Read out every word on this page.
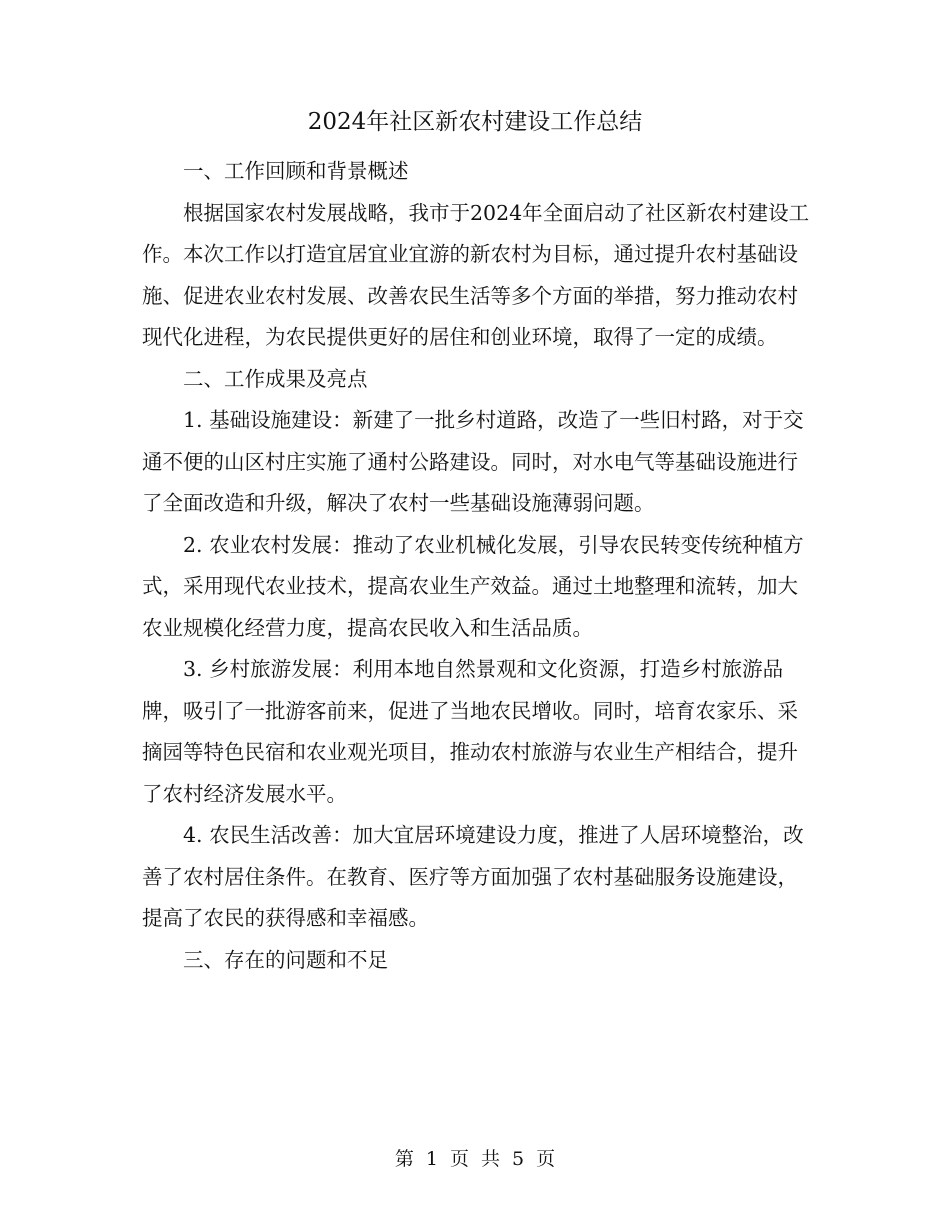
2024年社区新农村建设工作总结

一、工作回顾和背景概述

根据国家农村发展战略，我市于2024年全面启动了社区新农村建设工作。本次工作以打造宜居宜业宜游的新农村为目标，通过提升农村基础设施、促进农业农村发展、改善农民生活等多个方面的举措，努力推动农村现代化进程，为农民提供更好的居住和创业环境，取得了一定的成绩。

二、工作成果及亮点

1. 基础设施建设：新建了一批乡村道路，改造了一些旧村路，对于交通不便的山区村庄实施了通村公路建设。同时，对水电气等基础设施进行了全面改造和升级，解决了农村一些基础设施薄弱问题。

2. 农业农村发展：推动了农业机械化发展，引导农民转变传统种植方式，采用现代农业技术，提高农业生产效益。通过土地整理和流转，加大农业规模化经营力度，提高农民收入和生活品质。

3. 乡村旅游发展：利用本地自然景观和文化资源，打造乡村旅游品牌，吸引了一批游客前来，促进了当地农民增收。同时，培育农家乐、采摘园等特色民宿和农业观光项目，推动农村旅游与农业生产相结合，提升了农村经济发展水平。

4. 农民生活改善：加大宜居环境建设力度，推进了人居环境整治，改善了农村居住条件。在教育、医疗等方面加强了农村基础服务设施建设，提高了农民的获得感和幸福感。

三、存在的问题和不足

第 1 页 共 5 页
